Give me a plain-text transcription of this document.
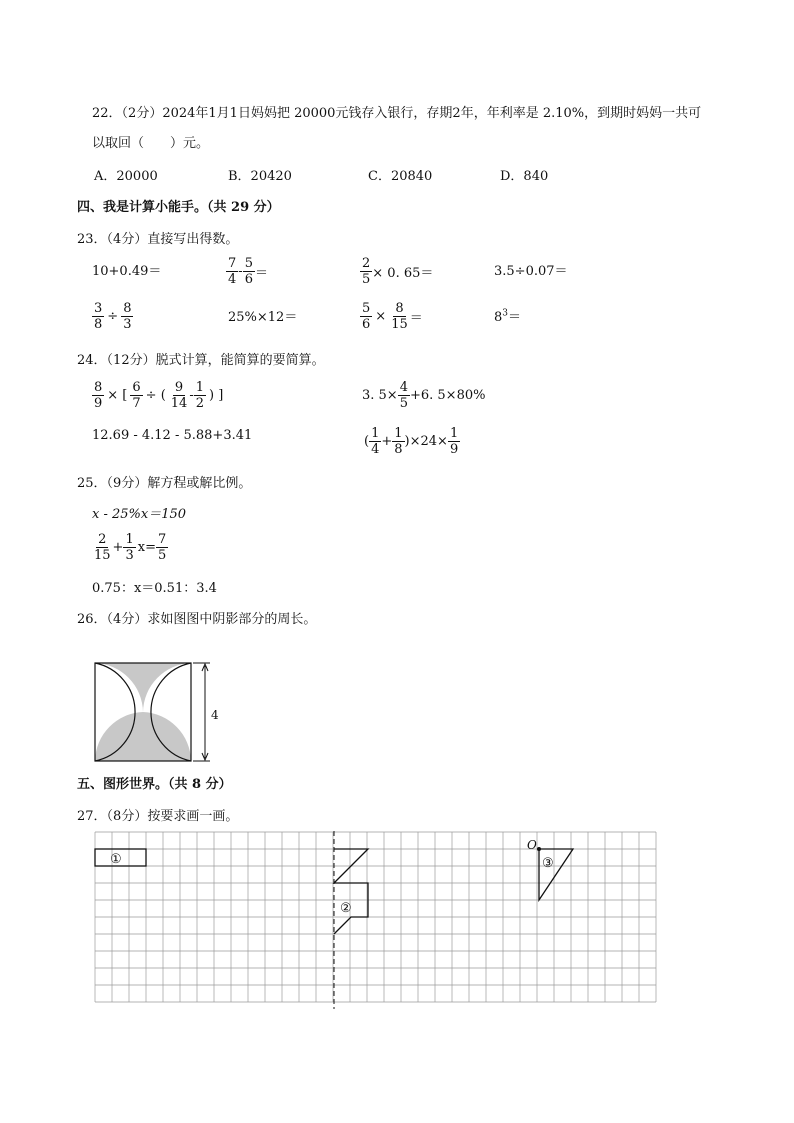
22．（2分）2024年1月1日妈妈把 20000元钱存入银行，存期2年，年利率是 2.10%，到期时妈妈一共可
以取回（　　）元。
A．20000	B．20420	C．20840	D．840
四、我是计算小能手。（共 29 分）
23．（4分）直接写出得数。
10+0.49＝	$\frac{7}{4} - \frac{5}{6}$ ＝	$\frac{2}{5} \times 0$. 65＝	3.5÷0.07＝
$\frac{3}{8} \div \frac{8}{3}$	25%×12＝	$\frac{5}{6} \times \frac{8}{15}$ ＝	$8^3=$
24．（12分）脱式计算，能简算的要简算。
$\frac{8}{9}$ × [ $\frac{6}{7}$ ÷ ( $\frac{9}{14} - \frac{1}{2}$ ) ]	3. $5\times \frac{4}{5} +6$. 5×80%
12.69 - 4.12 - 5.88+3.41	( $\frac{1}{4} + \frac{1}{8} )\times 24\times \frac{1}{9}$
25．（9分）解方程或解比例。
x - 25%x＝150
$\frac{2}{15} + \frac{1}{3} x= \frac{7}{5}$
0.75：x＝0.51：3.4
26．（4分）求如图图中阴影部分的周长。
4
五、图形世界。（共 8 分）
27．（8分）按要求画一画。
①
②
③
O
